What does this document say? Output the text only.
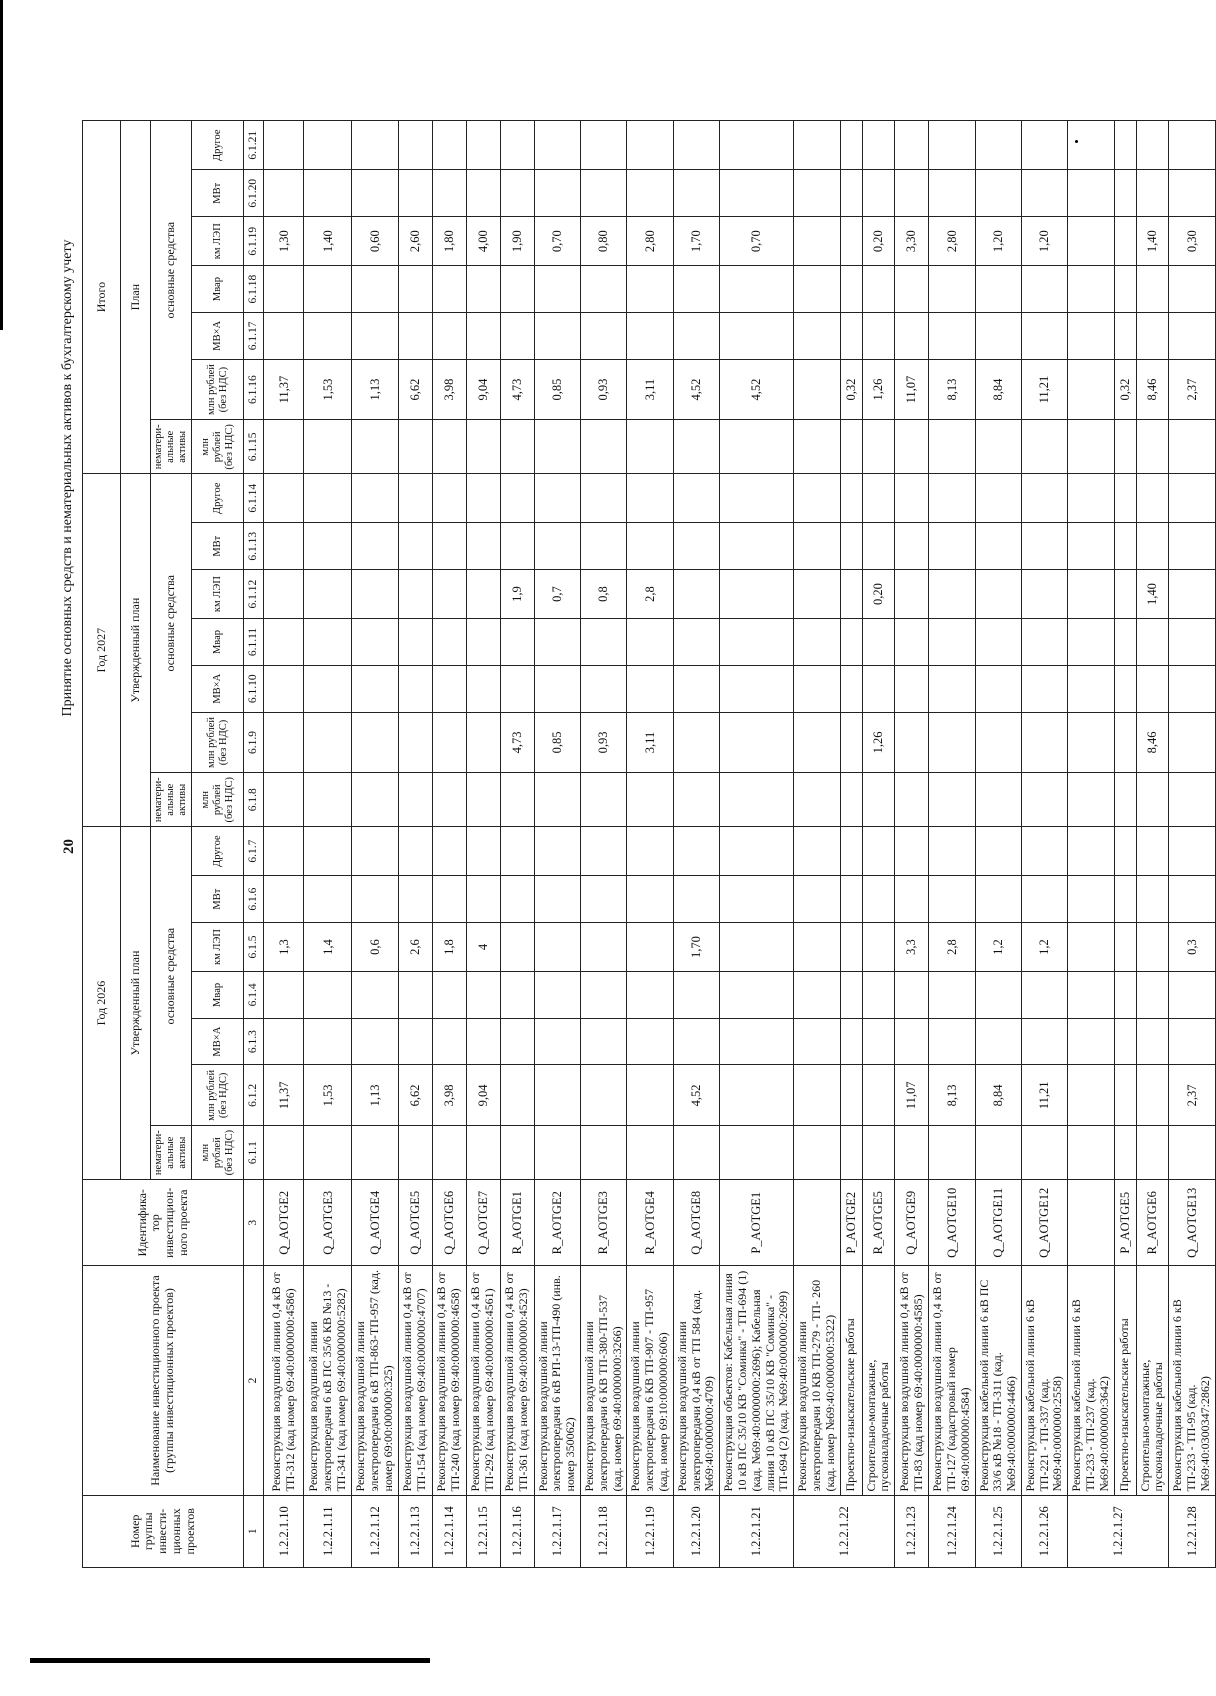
20
Принятие основных средств и нематериальных активов к бухгалтерскому учету
Номер группы инвести-ционных проектов	Наименование инвестиционного проекта (группы инвестиционных проектов)	Идентифика-тор инвестицион-ного проекта	Год 2026							Год 2027							Итого						
			Утвержденный план							Утвержденный план							План						
			нематери-альные активы	основные средства						нематери-альные активы	основные средства						нематери-альные активы	основные средства					
			млн рублей (без НДС)	млн рублей (без НДС)	МВ×А	Мвар	км ЛЭП	МВт	Другое	млн рублей (без НДС)	млн рублей (без НДС)	МВ×А	Мвар	км ЛЭП	МВт	Другое	млн рублей (без НДС)	млн рублей (без НДС)	МВ×А	Мвар	км ЛЭП	МВт	Другое
1	2	3	6.1.1	6.1.2	6.1.3	6.1.4	6.1.5	6.1.6	6.1.7	6.1.8	6.1.9	6.1.10	6.1.11	6.1.12	6.1.13	6.1.14	6.1.15	6.1.16	6.1.17	6.1.18	6.1.19	6.1.20	6.1.21
1.2.2.1.10	Реконструкция воздушной линии 0,4 кВ от ТП-312 (кад номер 69:40:0000000:4586)	Q_AOTGE2		11,37			1,3											11,37			1,30		
1.2.2.1.11	Реконструкция воздушной линии электропередачи 6 кВ ПС 35/6 КВ №13 - ТП-341 (кад номер 69:40:0000000:5282)	Q_AOTGE3		1,53			1,4											1,53			1,40		
1.2.2.1.12	Реконструкция воздушной линии электропередачи 6 кВ ТП-863-ТП-957 (кад. номер 69:00:000000:325)	Q_AOTGE4		1,13			0,6											1,13			0,60		
1.2.2.1.13	Реконструкция воздушной линии 0,4 кВ от ТП-154 (кад номер 69:40:0000000:4707)	Q_AOTGE5		6,62			2,6											6,62			2,60		
1.2.2.1.14	Реконструкция воздушной линии 0,4 кВ от ТП-240 (кад номер 69:40:0000000:4658)	Q_AOTGE6		3,98			1,8											3,98			1,80		
1.2.2.1.15	Реконструкция воздушной линии 0,4 кВ от ТП-292 (кад номер 69:40:0000000:4561)	Q_AOTGE7		9,04			4											9,04			4,00		
1.2.2.1.16	Реконструкция воздушной линии 0,4 кВ от ТП-361 (кад номер 69:40:0000000:4523)	R_AOTGE1									4,73			1,9				4,73			1,90		
1.2.2.1.17	Реконструкция воздушной линии электропередачи 6 кВ РП-13-ТП-490 (инв. номер 350062)	R_AOTGE2									0,85			0,7				0,85			0,70		
1.2.2.1.18	Реконструкция воздушной линии электропередачи 6 КВ ТП-380-ТП-537 (кад. номер 69:40:0000000:3266)	R_AOTGE3									0,93			0,8				0,93			0,80		
1.2.2.1.19	Реконструкция воздушной линии электропередачи 6 КВ ТП-907 - ТП-957 (кад. номер 69:10:0000000:606)	R_AOTGE4									3,11			2,8				3,11			2,80		
1.2.2.1.20	Реконструкция воздушной линии электропередачи 0,4 кВ от ТП 584 (кад.№69:40:0000000:4709)	Q_AOTGE8		4,52			1,70											4,52			1,70		
1.2.2.1.21	Реконструкция объектов: Кабельная линия 10 кВ ПС 35/10 КВ "Соминка" - ТП-694 (1) (кад. №69:40:0000000:2696); Кабельная линия 10 кВ ПС 35/10 КВ "Соминка" - ТП-694 (2) (кад. №69:40:0000000:2699)	P_AOTGE1																4,52			0,70		
1.2.2.1.22	Реконструкция воздушной линии электропередачи 10 КВ ТП-279 - ТП- 260 (кад. номер №69:40:0000000:5322)																						
	Проектно-изыскательские работы	P_AOTGE2																0,32					
	Строительно-монтажные, пусконаладочные работы	R_AOTGE5									1,26			0,20				1,26			0,20		
1.2.2.1.23	Реконструкция воздушной линии 0,4 кВ от ТП-83 (кад номер 69:40:0000000:4585)	Q_AOTGE9		11,07			3,3											11,07			3,30		
1.2.2.1.24	Реконструкция воздушной линии 0,4 кВ от ТП-127 (кадастровый номер 69:40:0000000:4584)	Q_AOTGE10		8,13			2,8											8,13			2,80		
1.2.2.1.25	Реконструкция кабельной линии 6 кВ ПС 33/6 кВ №18 - ТП-311 (кад. №69:40:0000000:4466)	Q_AOTGE11		8,84			1,2											8,84			1,20		
1.2.2.1.26	Реконструкция кабельной линии 6 кВ ТП-221 - ТП-337 (кад. №69:40:0000000:2558)	Q_AOTGE12		11,21			1,2											11,21			1,20		
1.2.2.1.27	Реконструкция кабельной линии 6 кВ ТП-233 - ТП-237 (кад. №69:40:0000000:3642)																						
	Проектно-изыскательские работы	P_AOTGE5																0,32					
	Строительно-монтажные, пусконаладочные работы	R_AOTGE6									8,46			1,40				8,46			1,40		
1.2.2.1.28	Реконструкция кабельной линии 6 кВ ТП-233 - ТП-95 (кад. №69:40:0300347:2862)	Q_AOTGE13		2,37			0,3											2,37			0,30		
